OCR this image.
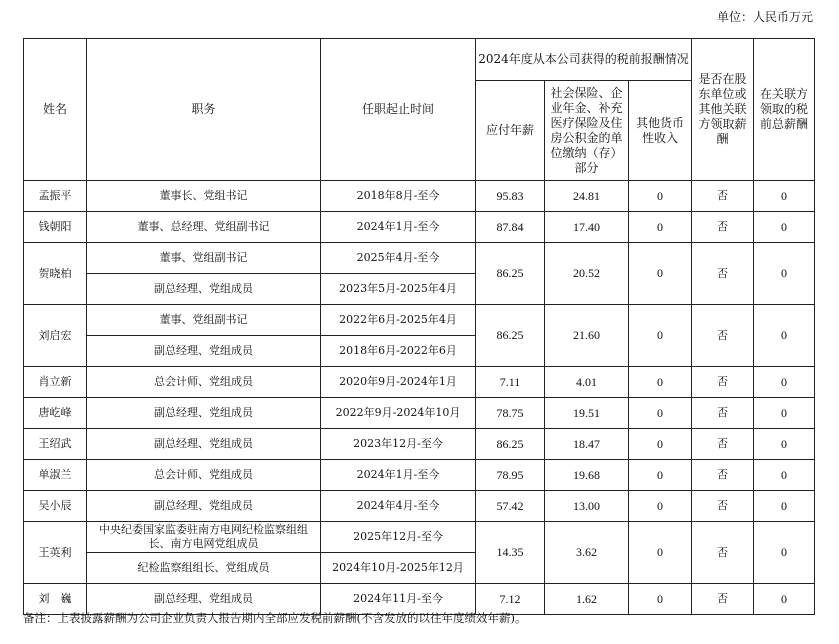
单位：人民币万元
姓名	职务	任职起止时间	2024年度从本公司获得的税前报酬情况			是否在股东单位或其他关联方领取薪酬	在关联方领取的税前总薪酬
			应付年薪	社会保险、企业年金、补充医疗保险及住房公积金的单位缴纳（存）部分	其他货币性收入		
孟振平	董事长、党组书记	2018年8月-至今	95.83	24.81	0	否	0
钱朝阳	董事、总经理、党组副书记	2024年1月-至今	87.84	17.40	0	否	0
贺晓柏	董事、党组副书记	2025年4月-至今	86.25	20.52	0	否	0
	副总经理、党组成员	2023年5月-2025年4月					
刘启宏	董事、党组副书记	2022年6月-2025年4月	86.25	21.60	0	否	0
	副总经理、党组成员	2018年6月-2022年6月					
肖立新	总会计师、党组成员	2020年9月-2024年1月	7.11	4.01	0	否	0
唐屹峰	副总经理、党组成员	2022年9月-2024年10月	78.75	19.51	0	否	0
王绍武	副总经理、党组成员	2023年12月-至今	86.25	18.47	0	否	0
单淑兰	总会计师、党组成员	2024年1月-至今	78.95	19.68	0	否	0
吴小辰	副总经理、党组成员	2024年4月-至今	57.42	13.00	0	否	0
王英利	中央纪委国家监委驻南方电网纪检监察组组长、南方电网党组成员	2025年12月-至今	14.35	3.62	0	否	0
	纪检监察组组长、党组成员	2024年10月-2025年12月					
刘　巍	副总经理、党组成员	2024年11月-至今	7.12	1.62	0	否	0
备注：上表披露薪酬为公司企业负责人报告期内全部应发税前薪酬(不含发放的以往年度绩效年薪)。
